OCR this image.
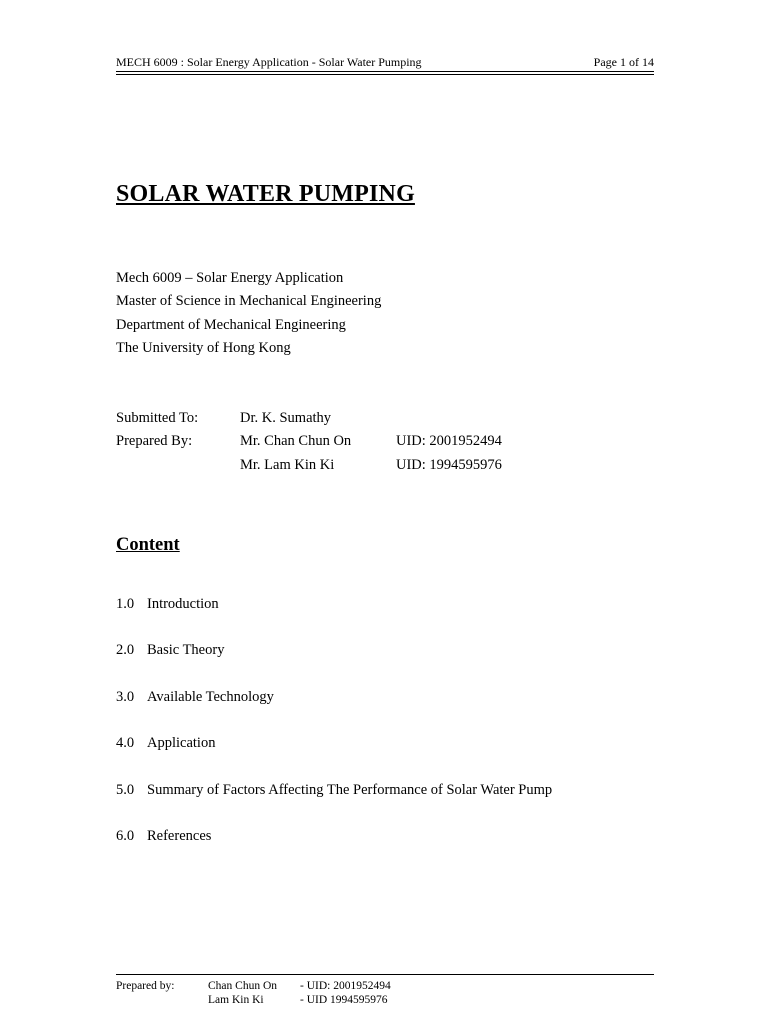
MECH 6009 : Solar Energy Application - Solar Water Pumping	Page 1 of 14
SOLAR WATER PUMPING
Mech 6009 – Solar Energy Application
Master of Science in Mechanical Engineering
Department of Mechanical Engineering
The University of Hong Kong
Submitted To:	Dr. K. Sumathy
Prepared By:	Mr. Chan Chun On	UID: 2001952494
Mr. Lam Kin Ki	UID: 1994595976
Content
1.0 Introduction
2.0 Basic Theory
3.0 Available Technology
4.0 Application
5.0 Summary of Factors Affecting The Performance of Solar Water Pump
6.0 References
Prepared by:	Chan Chun On - UID: 2001952494
Lam Kin Ki	- UID 1994595976
